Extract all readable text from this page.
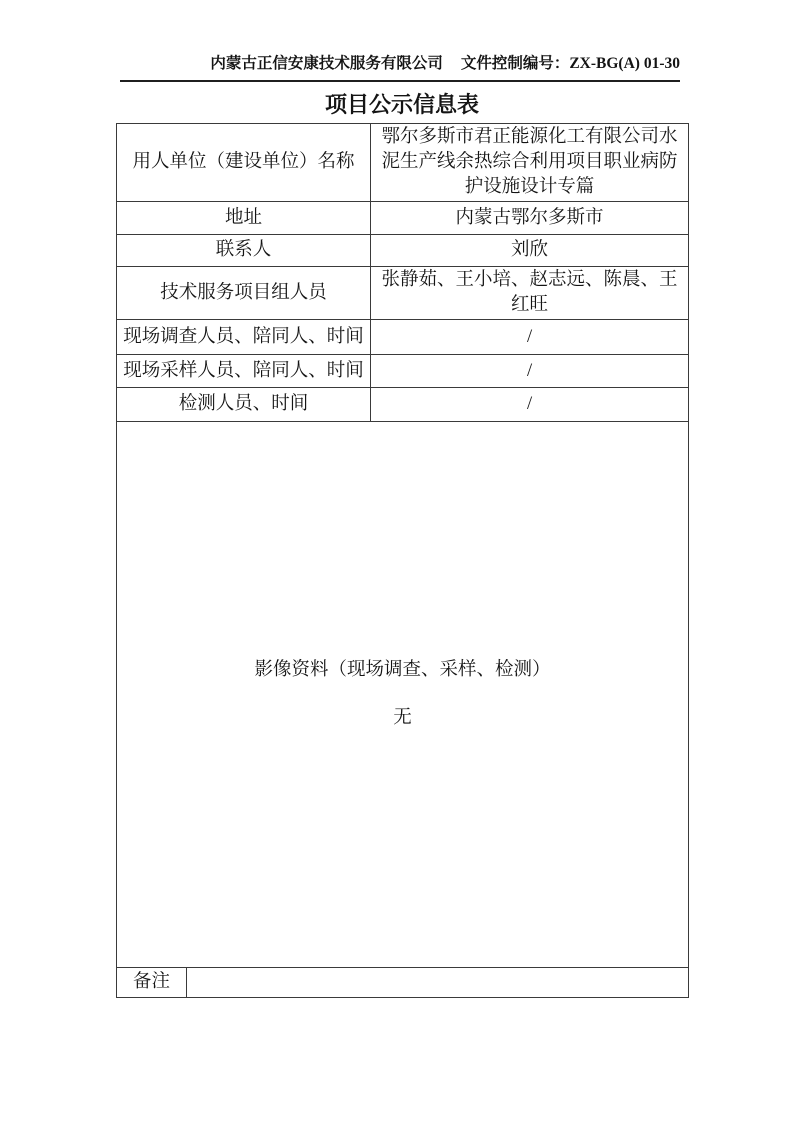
内蒙古正信安康技术服务有限公司 文件控制编号：ZX-BG(A) 01-30
项目公示信息表
用人单位（建设单位）名称		鄂尔多斯市君正能源化工有限公司水泥生产线余热综合利用项目职业病防护设施设计专篇

地址		内蒙古鄂尔多斯市
联系人		刘欣
技术服务项目组人员		张静茹、王小培、赵志远、陈晨、王红旺

现场调查人员、陪同人、时间		/
现场采样人员、陪同人、时间		/
检测人员、时间		/

影像资料（现场调查、采样、检测）
无		

备注		
